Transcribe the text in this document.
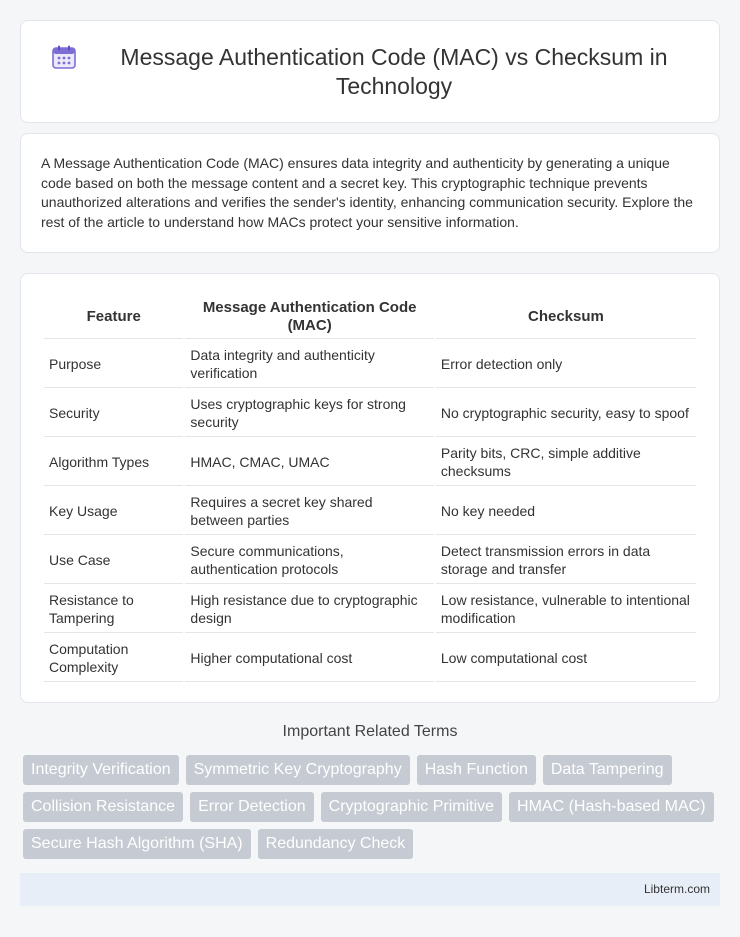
Message Authentication Code (MAC) vs Checksum in Technology

A Message Authentication Code (MAC) ensures data integrity and authenticity by generating a unique code based on both the message content and a secret key. This cryptographic technique prevents unauthorized alterations and verifies the sender's identity, enhancing communication security. Explore the rest of the article to understand how MACs protect your sensitive information.

Feature	Message Authentication Code (MAC)	Checksum
Purpose	Data integrity and authenticity verification	Error detection only
Security	Uses cryptographic keys for strong security	No cryptographic security, easy to spoof
Algorithm Types	HMAC, CMAC, UMAC	Parity bits, CRC, simple additive checksums
Key Usage	Requires a secret key shared between parties	No key needed
Use Case	Secure communications, authentication protocols	Detect transmission errors in data storage and transfer
Resistance to Tampering	High resistance due to cryptographic design	Low resistance, vulnerable to intentional modification
Computation Complexity	Higher computational cost	Low computational cost
Important Related Terms
Integrity Verification	Symmetric Key Cryptography	Hash Function	Data Tampering
Collision Resistance	Error Detection	Cryptographic Primitive	HMAC (Hash-based MAC)
Secure Hash Algorithm (SHA)	Redundancy Check
Libterm.com
